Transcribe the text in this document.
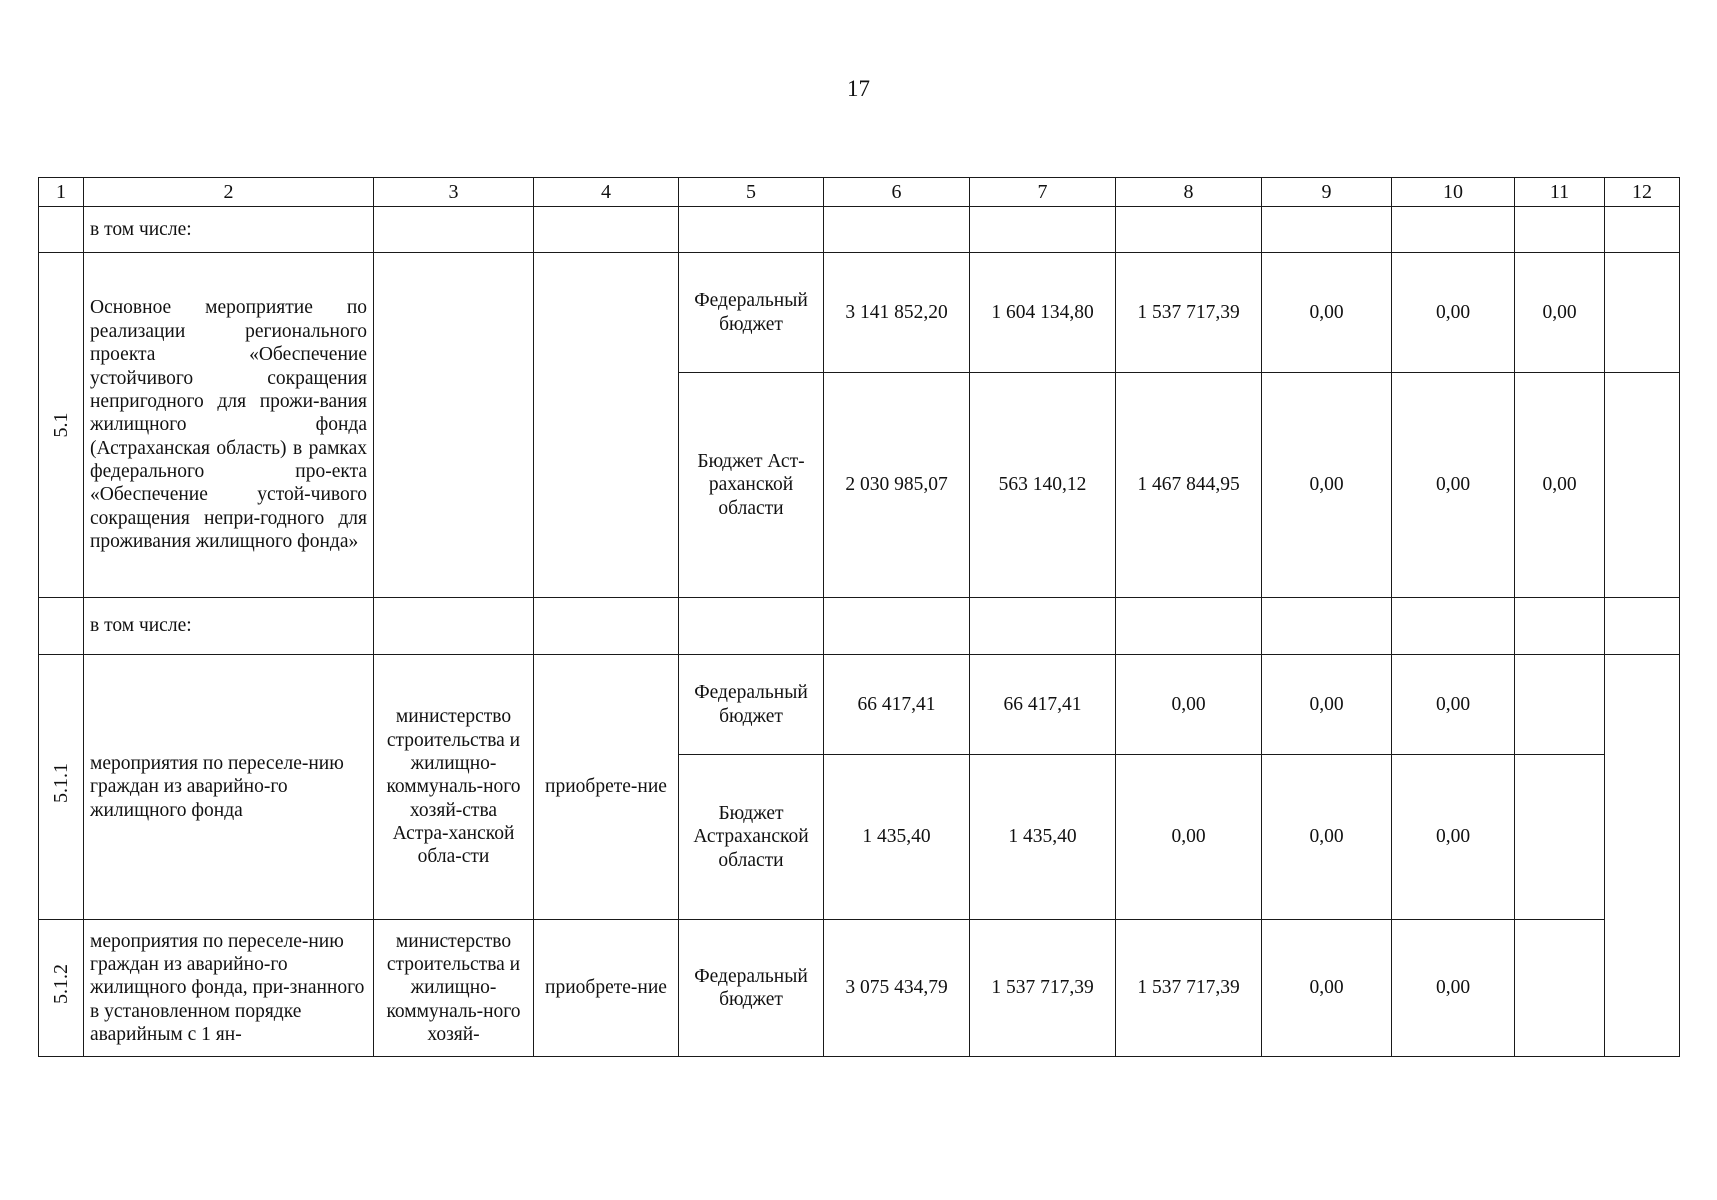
17
1	2	3	4	5	6	7	8	9	10	11	12
	в том числе:										

5.1	Основное мероприятие по реализации регионального проекта «Обеспечение устойчивого сокращения непригодного для прожи-вания жилищного фонда (Астраханская область) в рамках федерального про-екта «Обеспечение устой-чивого сокращения непри-годного для проживания жилищного фонда»			Федеральный бюджет	3 141 852,20	1 604 134,80	1 537 717,39	0,00	0,00	0,00	
				Бюджет Аст-раханской области	2 030 985,07	563 140,12	1 467 844,95	0,00	0,00	0,00	
	в том числе:										

5.1.1	мероприятия по переселе-нию граждан из аварийно-го жилищного фонда	министерство строительства и жилищно-коммуналь-ного хозяй-ства Астра-ханской обла-сти	приобрете-ние	Федеральный бюджет	66 417,41	66 417,41	0,00	0,00	0,00		
				Бюджет Астраханской области	1 435,40	1 435,40	0,00	0,00	0,00		

5.1.2	мероприятия по переселе-нию граждан из аварийно-го жилищного фонда, при-знанного в установленном порядке аварийным с 1 ян-	министерство строительства и жилищно-коммуналь-ного хозяй-	приобрете-ние	Федеральный бюджет	3 075 434,79	1 537 717,39	1 537 717,39	0,00	0,00		
